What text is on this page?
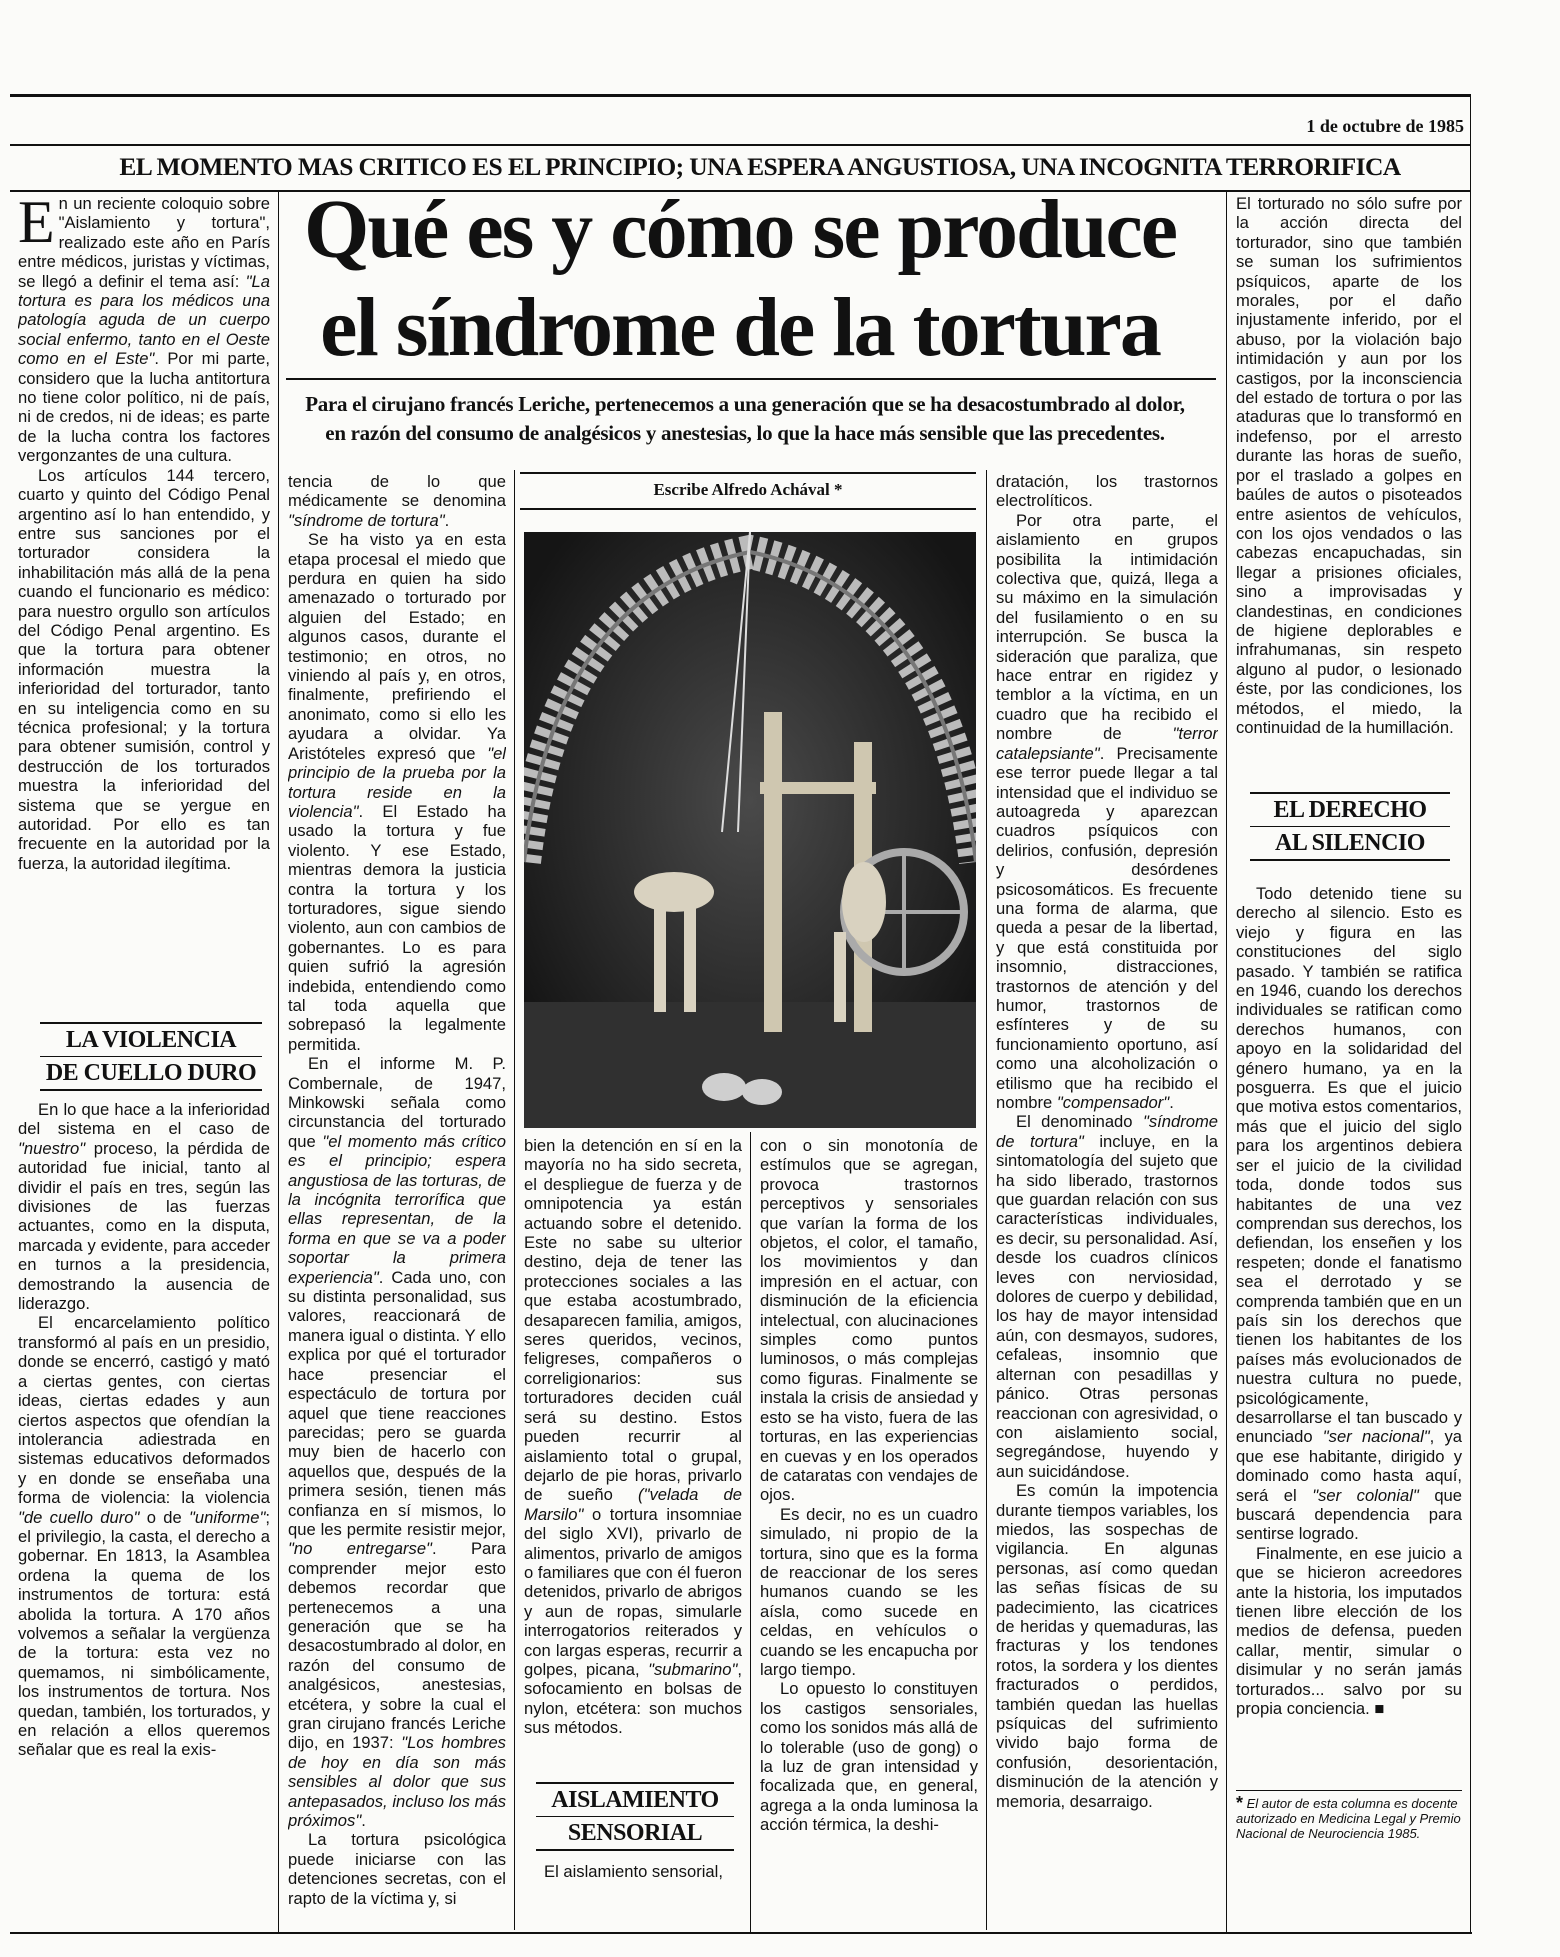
1 de octubre de 1985
EL MOMENTO MAS CRITICO ES EL PRINCIPIO; UNA ESPERA ANGUSTIOSA, UNA INCOGNITA TERRORIFICA
Qué es y cómo se produce
el síndrome de la tortura
Para el cirujano francés Leriche, pertenecemos a una generación que se ha desacostumbrado al dolor,
en razón del consumo de analgésicos y anestesias, lo que la hace más sensible que las precedentes.
Escribe Alfredo Achával *

En un reciente coloquio sobre "Aislamiento y tortura", realizado este año en París entre médicos, juristas y víctimas, se llegó a definir el tema así: "La tortura es para los médicos una patología aguda de un cuerpo social enfermo, tanto en el Oeste como en el Este". Por mi parte, considero que la lucha antitortura no tiene color político, ni de país, ni de credos, ni de ideas; es parte de la lucha contra los factores vergonzantes de una cultura.

Los artículos 144 tercero, cuarto y quinto del Código Penal argentino así lo han entendido, y entre sus sanciones por el torturador considera la inhabilitación más allá de la pena cuando el funcionario es médico: para nuestro orgullo son artículos del Código Penal argentino. Es que la tortura para obtener información muestra la inferioridad del torturador, tanto en su inteligencia como en su técnica profesional; y la tortura para obtener sumisión, control y destrucción de los torturados muestra la inferioridad del sistema que se yergue en autoridad. Por ello es tan frecuente en la autoridad por la fuerza, la autoridad ilegítima.

LA VIOLENCIA
DE CUELLO DURO

En lo que hace a la inferioridad del sistema en el caso de "nuestro" proceso, la pérdida de autoridad fue inicial, tanto al dividir el país en tres, según las divisiones de las fuerzas actuantes, como en la disputa, marcada y evidente, para acceder en turnos a la presidencia, demostrando la ausencia de liderazgo.

El encarcelamiento político transformó al país en un presidio, donde se encerró, castigó y mató a ciertas gentes, con ciertas ideas, ciertas edades y aun ciertos aspectos que ofendían la intolerancia adiestrada en sistemas educativos deformados y en donde se enseñaba una forma de violencia: la violencia "de cuello duro" o de "uniforme"; el privilegio, la casta, el derecho a gobernar. En 1813, la Asamblea ordena la quema de los instrumentos de tortura: está abolida la tortura. A 170 años volvemos a señalar la vergüenza de la tortura: esta vez no quemamos, ni simbólicamente, los instrumentos de tortura. Nos quedan, también, los torturados, y en relación a ellos queremos señalar que es real la exis-

tencia de lo que médicamente se denomina "síndrome de tortura".

Se ha visto ya en esta etapa procesal el miedo que perdura en quien ha sido amenazado o torturado por alguien del Estado; en algunos casos, durante el testimonio; en otros, no viniendo al país y, en otros, finalmente, prefiriendo el anonimato, como si ello les ayudara a olvidar. Ya Aristóteles expresó que "el principio de la prueba por la tortura reside en la violencia". El Estado ha usado la tortura y fue violento. Y ese Estado, mientras demora la justicia contra la tortura y los torturadores, sigue siendo violento, aun con cambios de gobernantes. Lo es para quien sufrió la agresión indebida, entendiendo como tal toda aquella que sobrepasó la legalmente permitida.

En el informe M. P. Combernale, de 1947, Minkowski señala como circunstancia del torturado que "el momento más crítico es el principio; espera angustiosa de las torturas, de la incógnita terrorífica que ellas representan, de la forma en que se va a poder soportar la primera experiencia". Cada uno, con su distinta personalidad, sus valores, reaccionará de manera igual o distinta. Y ello explica por qué el torturador hace presenciar el espectáculo de tortura por aquel que tiene reacciones parecidas; pero se guarda muy bien de hacerlo con aquellos que, después de la primera sesión, tienen más confianza en sí mismos, lo que les permite resistir mejor, "no entregarse". Para comprender mejor esto debemos recordar que pertenecemos a una generación que se ha desacostumbrado al dolor, en razón del consumo de analgésicos, anestesias, etcétera, y sobre la cual el gran cirujano francés Leriche dijo, en 1937: "Los hombres de hoy en día son más sensibles al dolor que sus antepasados, incluso los más próximos".

La tortura psicológica puede iniciarse con las detenciones secretas, con el rapto de la víctima y, si

bien la detención en sí en la mayoría no ha sido secreta, el despliegue de fuerza y de omnipotencia ya están actuando sobre el detenido. Este no sabe su ulterior destino, deja de tener las protecciones sociales a las que estaba acostumbrado, desaparecen familia, amigos, seres queridos, vecinos, feligreses, compañeros o correligionarios: sus torturadores deciden cuál será su destino. Estos pueden recurrir al aislamiento total o grupal, dejarlo de pie horas, privarlo de sueño ("velada de Marsilo" o tortura insomniae del siglo XVI), privarlo de alimentos, privarlo de amigos o familiares que con él fueron detenidos, privarlo de abrigos y aun de ropas, simularle interrogatorios reiterados y con largas esperas, recurrir a golpes, picana, "submarino", sofocamiento en bolsas de nylon, etcétera: son muchos sus métodos.

AISLAMIENTO
SENSORIAL

El aislamiento sensorial,

con o sin monotonía de estímulos que se agregan, provoca trastornos perceptivos y sensoriales que varían la forma de los objetos, el color, el tamaño, los movimientos y dan impresión en el actuar, con disminución de la eficiencia intelectual, con alucinaciones simples como puntos luminosos, o más complejas como figuras. Finalmente se instala la crisis de ansiedad y esto se ha visto, fuera de las torturas, en las experiencias en cuevas y en los operados de cataratas con vendajes de ojos.

Es decir, no es un cuadro simulado, ni propio de la tortura, sino que es la forma de reaccionar de los seres humanos cuando se les aísla, como sucede en celdas, en vehículos o cuando se les encapucha por largo tiempo.

Lo opuesto lo constituyen los castigos sensoriales, como los sonidos más allá de lo tolerable (uso de gong) o la luz de gran intensidad y focalizada que, en general, agrega a la onda luminosa la acción térmica, la deshi-

dratación, los trastornos electrolíticos.

Por otra parte, el aislamiento en grupos posibilita la intimidación colectiva que, quizá, llega a su máximo en la simulación del fusilamiento o en su interrupción. Se busca la sideración que paraliza, que hace entrar en rigidez y temblor a la víctima, en un cuadro que ha recibido el nombre de "terror catalepsiante". Precisamente ese terror puede llegar a tal intensidad que el individuo se autoagreda y aparezcan cuadros psíquicos con delirios, confusión, depresión y desórdenes psicosomáticos. Es frecuente una forma de alarma, que queda a pesar de la libertad, y que está constituida por insomnio, distracciones, trastornos de atención y del humor, trastornos de esfínteres y de su funcionamiento oportuno, así como una alcoholización o etilismo que ha recibido el nombre "compensador".

El denominado "síndrome de tortura" incluye, en la sintomatología del sujeto que ha sido liberado, trastornos que guardan relación con sus características individuales, es decir, su personalidad. Así, desde los cuadros clínicos leves con nerviosidad, dolores de cuerpo y debilidad, los hay de mayor intensidad aún, con desmayos, sudores, cefaleas, insomnio que alternan con pesadillas y pánico. Otras personas reaccionan con agresividad, o con aislamiento social, segregándose, huyendo y aun suicidándose.

Es común la impotencia durante tiempos variables, los miedos, las sospechas de vigilancia. En algunas personas, así como quedan las señas físicas de su padecimiento, las cicatrices de heridas y quemaduras, las fracturas y los tendones rotos, la sordera y los dientes fracturados o perdidos, también quedan las huellas psíquicas del sufrimiento vivido bajo forma de confusión, desorientación, disminución de la atención y memoria, desarraigo.

El torturado no sólo sufre por la acción directa del torturador, sino que también se suman los sufrimientos psíquicos, aparte de los morales, por el daño injustamente inferido, por el abuso, por la violación bajo intimidación y aun por los castigos, por la inconsciencia del estado de tortura o por las ataduras que lo transformó en indefenso, por el arresto durante las horas de sueño, por el traslado a golpes en baúles de autos o pisoteados entre asientos de vehículos, con los ojos vendados o las cabezas encapuchadas, sin llegar a prisiones oficiales, sino a improvisadas y clandestinas, en condiciones de higiene deplorables e infrahumanas, sin respeto alguno al pudor, o lesionado éste, por las condiciones, los métodos, el miedo, la continuidad de la humillación.

EL DERECHO
AL SILENCIO

Todo detenido tiene su derecho al silencio. Esto es viejo y figura en las constituciones del siglo pasado. Y también se ratifica en 1946, cuando los derechos individuales se ratifican como derechos humanos, con apoyo en la solidaridad del género humano, ya en la posguerra. Es que el juicio que motiva estos comentarios, más que el juicio del siglo para los argentinos debiera ser el juicio de la civilidad toda, donde todos sus habitantes de una vez comprendan sus derechos, los defiendan, los enseñen y los respeten; donde el fanatismo sea el derrotado y se comprenda también que en un país sin los derechos que tienen los habitantes de los países más evolucionados de nuestra cultura no puede, psicológicamente, desarrollarse el tan buscado y enunciado "ser nacional", ya que ese habitante, dirigido y dominado como hasta aquí, será el "ser colonial" que buscará dependencia para sentirse logrado.

Finalmente, en ese juicio a que se hicieron acreedores ante la historia, los imputados tienen libre elección de los medios de defensa, pueden callar, mentir, simular o disimular y no serán jamás torturados... salvo por su propia conciencia. ■

* El autor de esta columna es docente autorizado en Medicina Legal y Premio Nacional de Neurociencia 1985.
